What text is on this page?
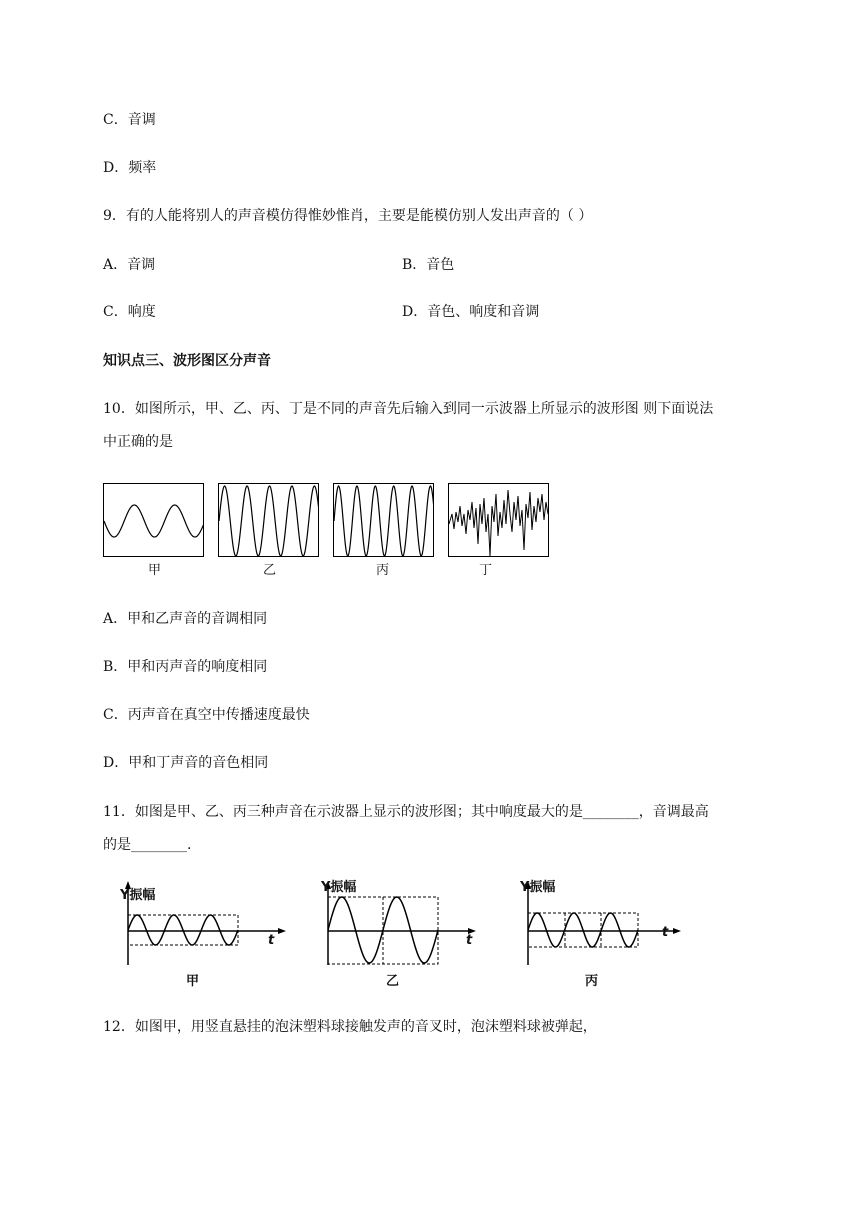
C．音调
D．频率
9．有的人能将别人的声音模仿得惟妙惟肖，主要是能模仿别人发出声音的（ ）
A．音调	B．音色
C．响度	D．音色、响度和音调
知识点三、波形图区分声音
10．如图所示，甲、乙、丙、丁是不同的声音先后输入到同一示波器上所显示的波形图 则下面说法
中正确的是
甲	乙	丙	丁
A．甲和乙声音的音调相同
B．甲和丙声音的响度相同
C．丙声音在真空中传播速度最快
D．甲和丁声音的音色相同
11．如图是甲、乙、丙三种声音在示波器上显示的波形图；其中响度最大的是________，音调最高
的是________.
Y振幅
Y振幅	Y振幅
t	t
t
甲	乙	丙
12．如图甲，用竖直悬挂的泡沫塑料球接触发声的音叉时，泡沫塑料球被弹起，
